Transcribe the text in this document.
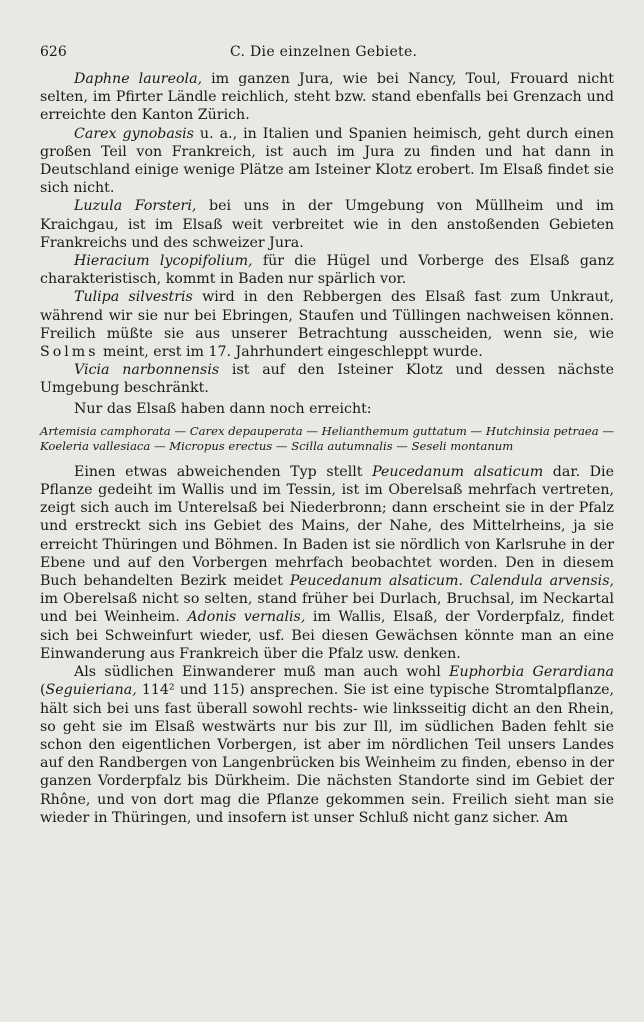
626	C. Die einzelnen Gebiete.

Daphne laureola, im ganzen Jura, wie bei Nancy, Toul, Frouard nicht selten, im Pfirter Ländle reichlich, steht bzw. stand ebenfalls bei Grenzach und erreichte den Kanton Zürich.

Carex gynobasis u. a., in Italien und Spanien heimisch, geht durch einen großen Teil von Frankreich, ist auch im Jura zu finden und hat dann in Deutschland einige wenige Plätze am Isteiner Klotz erobert. Im Elsaß findet sie sich nicht.

Luzula Forsteri, bei uns in der Umgebung von Müllheim und im Kraichgau, ist im Elsaß weit verbreitet wie in den anstoßenden Gebieten Frankreichs und des schweizer Jura.

Hieracium lycopifolium, für die Hügel und Vorberge des Elsaß ganz charakteristisch, kommt in Baden nur spärlich vor.

Tulipa silvestris wird in den Rebbergen des Elsaß fast zum Unkraut, während wir sie nur bei Ebringen, Staufen und Tüllingen nachweisen können. Freilich müßte sie aus unserer Betrachtung ausscheiden, wenn sie, wie Solms meint, erst im 17. Jahrhundert eingeschleppt wurde.

Vicia narbonnensis ist auf den Isteiner Klotz und dessen nächste Umgebung beschränkt.

Nur das Elsaß haben dann noch erreicht:

Artemisia camphorata — Carex depauperata — Helianthemum guttatum — Hutchinsia petraea — Koeleria vallesiaca — Micropus erectus — Scilla autumnalis — Seseli montanum

Einen etwas abweichenden Typ stellt Peucedanum alsaticum dar. Die Pflanze gedeiht im Wallis und im Tessin, ist im Oberelsaß mehrfach vertreten, zeigt sich auch im Unterelsaß bei Niederbronn; dann erscheint sie in der Pfalz und erstreckt sich ins Gebiet des Mains, der Nahe, des Mittelrheins, ja sie erreicht Thüringen und Böhmen. In Baden ist sie nördlich von Karlsruhe in der Ebene und auf den Vorbergen mehrfach beobachtet worden. Den in diesem Buch behandelten Bezirk meidet Peucedanum alsaticum. Calendula arvensis, im Oberelsaß nicht so selten, stand früher bei Durlach, Bruchsal, im Neckartal und bei Weinheim. Adonis vernalis, im Wallis, Elsaß, der Vorderpfalz, findet sich bei Schweinfurt wieder, usf. Bei diesen Gewächsen könnte man an eine Einwanderung aus Frankreich über die Pfalz usw. denken.

Als südlichen Einwanderer muß man auch wohl Euphorbia Gerardiana (Seguieriana, 114² und 115) ansprechen. Sie ist eine typische Stromtalpflanze, hält sich bei uns fast überall sowohl rechts- wie linksseitig dicht an den Rhein, so geht sie im Elsaß westwärts nur bis zur Ill, im südlichen Baden fehlt sie schon den eigentlichen Vorbergen, ist aber im nördlichen Teil unsers Landes auf den Randbergen von Langenbrücken bis Weinheim zu finden, ebenso in der ganzen Vorderpfalz bis Dürkheim. Die nächsten Standorte sind im Gebiet der Rhône, und von dort mag die Pflanze gekommen sein. Freilich sieht man sie wieder in Thüringen, und insofern ist unser Schluß nicht ganz sicher. Am
